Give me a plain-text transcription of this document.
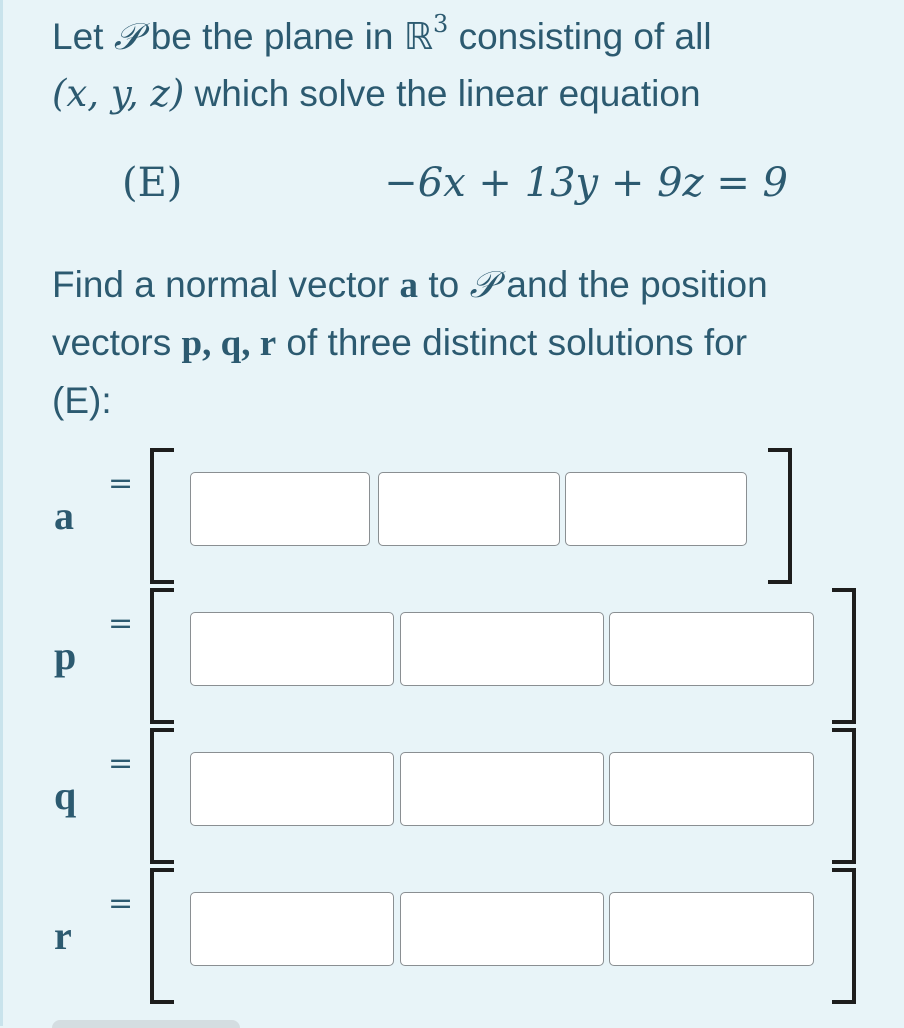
Let 𝒫 be the plane in ℝ$^3$ consisting of all
(x, y, z) which solve the linear equation
(E)	−6x + 13y + 9z = 9
Find a normal vector a to 𝒫 and the position
vectors p, q, r of three distinct solutions for
(E):
a
=
p
=
q
=
r
=
